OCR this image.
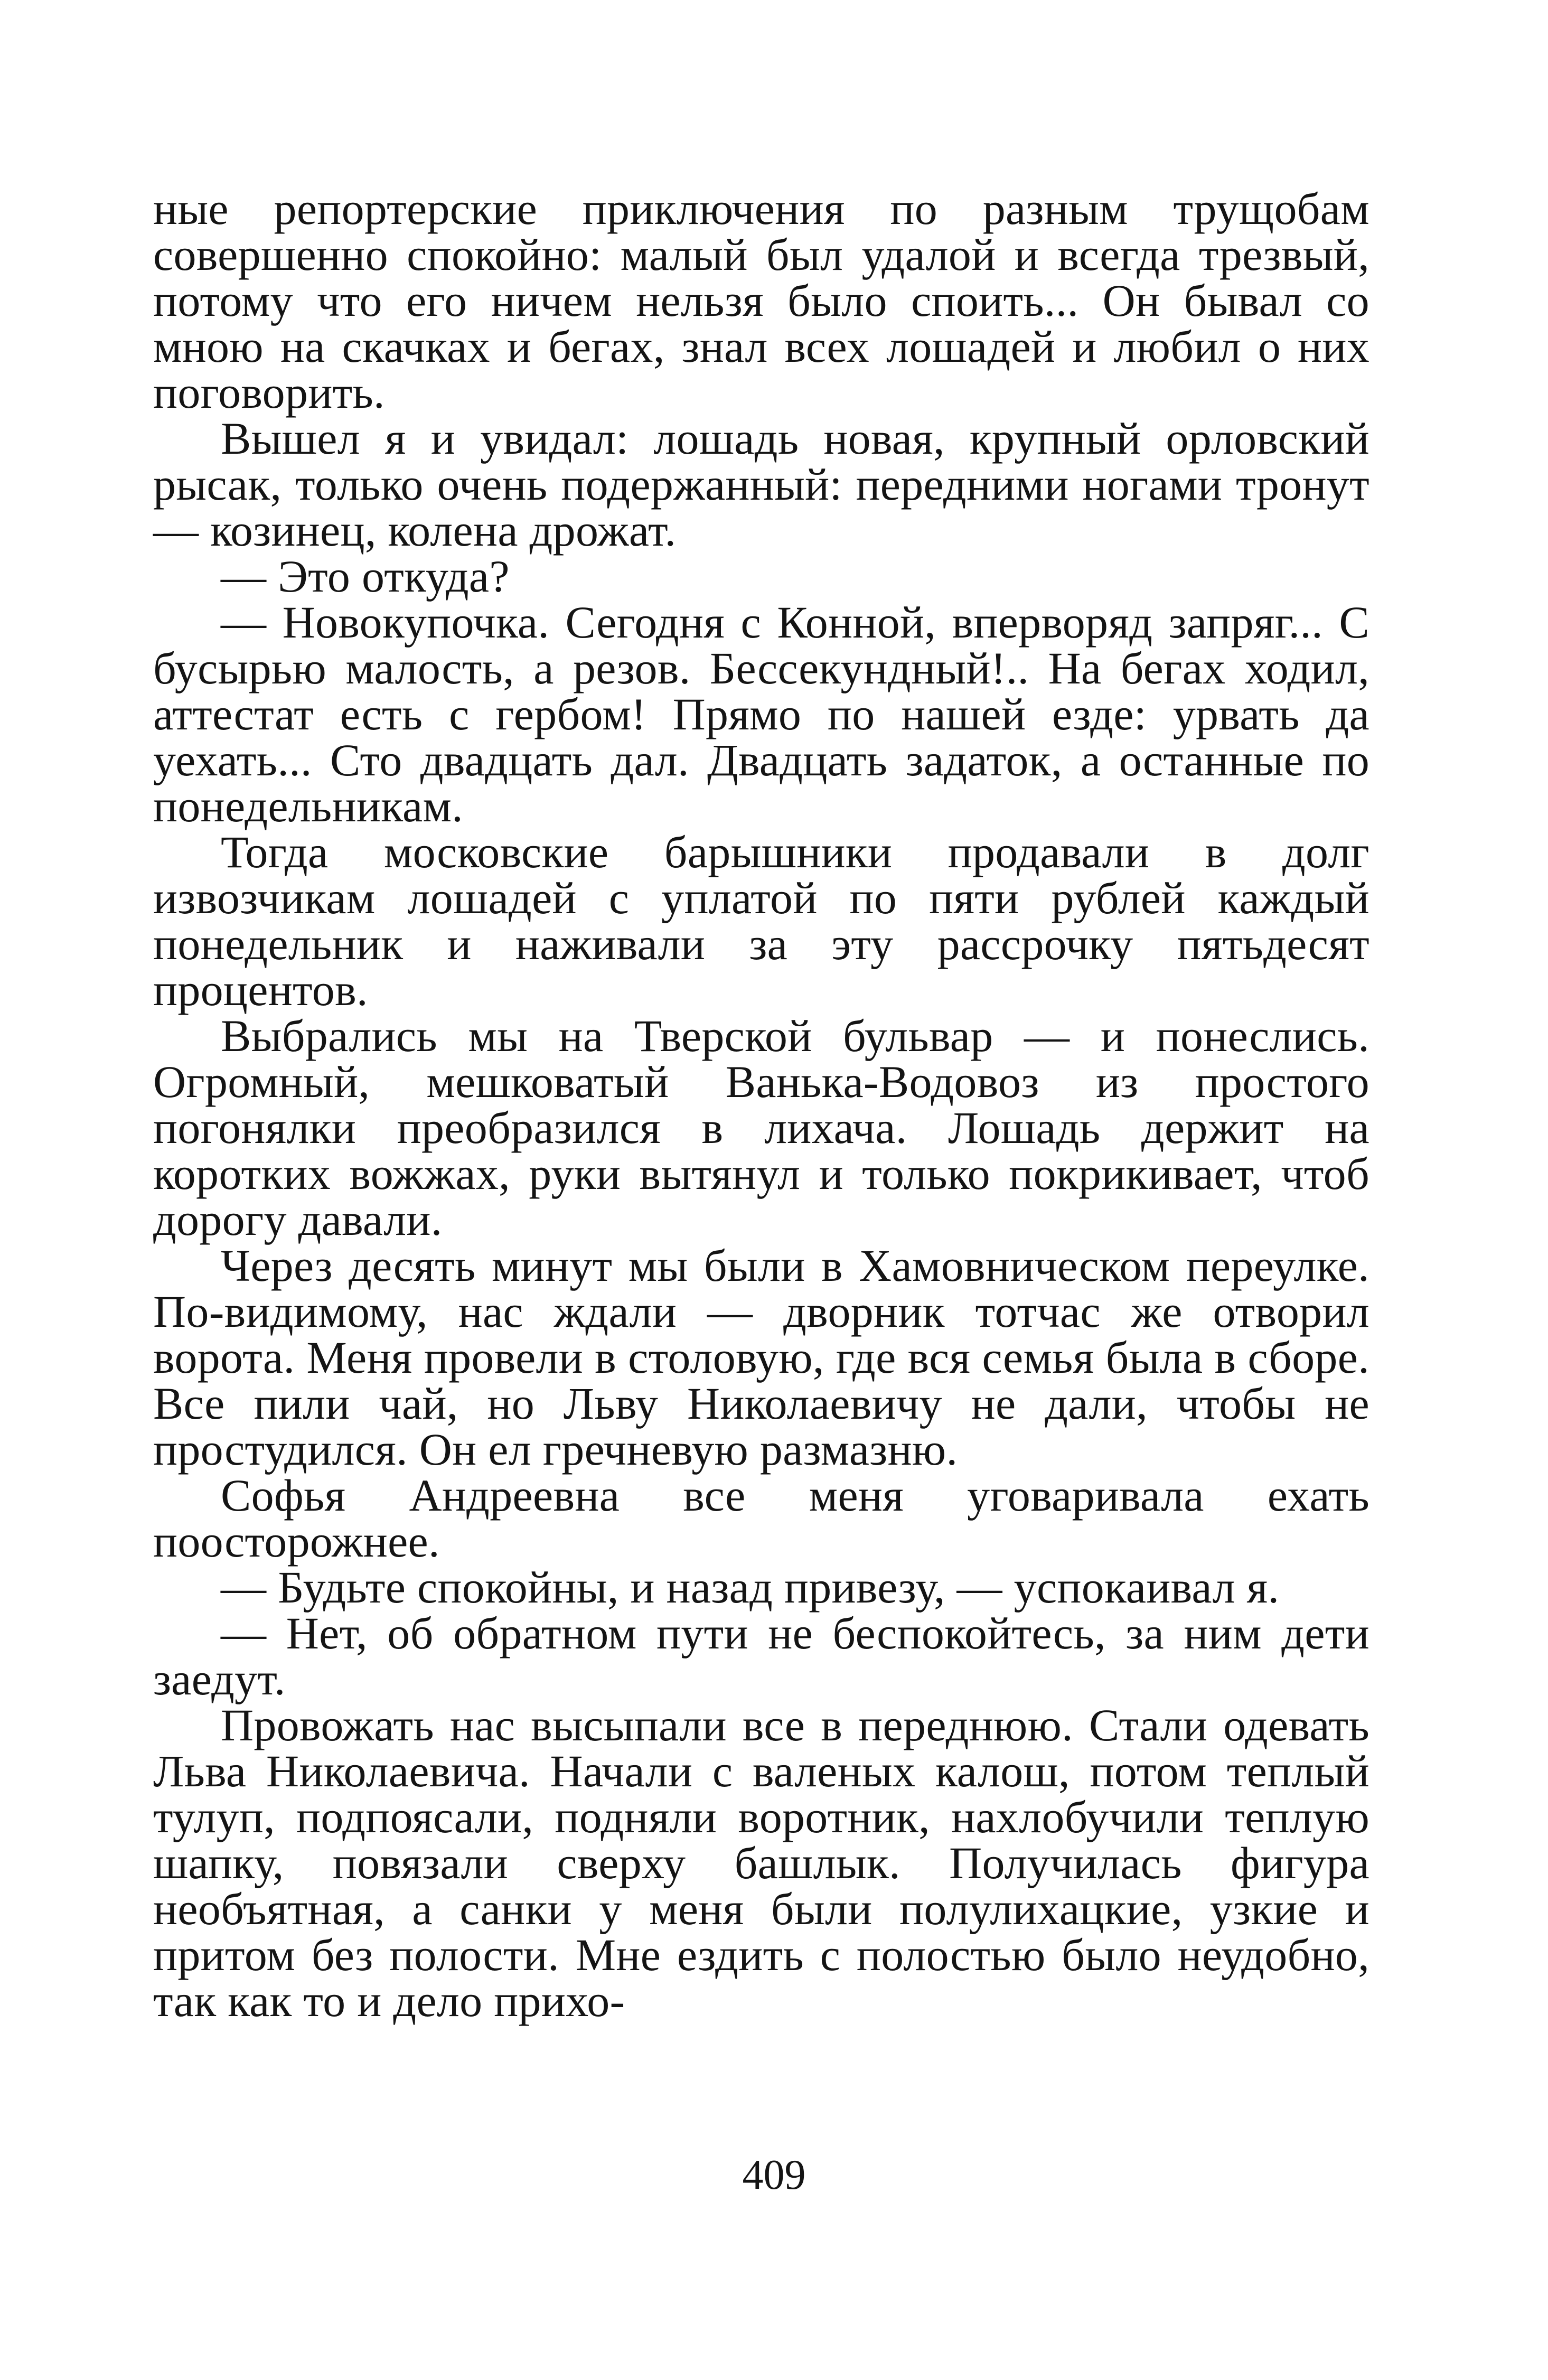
ные репортерские приключения по разным трущобам совершенно спокойно: малый был удалой и всегда трезвый, потому что его ничем нельзя было споить... Он бывал со мною на скачках и бегах, знал всех лошадей и любил о них поговорить.

Вышел я и увидал: лошадь новая, крупный орловский рысак, только очень подержанный: передними ногами тронут — козинец, колена дрожат.

— Это откуда?

— Новокупочка. Сегодня с Конной, впервоpяд запряг... С бусырью малость, а резов. Бессекундный!.. На бегах ходил, аттестат есть с гербом! Прямо по нашей езде: урвать да уехать... Сто двадцать дал. Двадцать задаток, а останные по понедельникам.

Тогда московские барышники продавали в долг извозчикам лошадей с уплатой по пяти рублей каждый понедельник и наживали за эту рассрочку пятьдесят процентов.

Выбрались мы на Тверской бульвар — и понеслись. Огромный, мешковатый Ванька-Водовоз из простого погонялки преобразился в лихача. Лошадь держит на коротких вожжах, руки вытянул и только покрикивает, чтоб дорогу давали.

Через десять минут мы были в Хамовническом переулке. По-видимому, нас ждали — дворник тотчас же отворил ворота. Меня провели в столовую, где вся семья была в сборе. Все пили чай, но Льву Николаевичу не дали, чтобы не простудился. Он ел гречневую размазню.

Софья Андреевна все меня уговаривала ехать поосторожнее.

— Будьте спокойны, и назад привезу, — успокаивал я.

— Нет, об обратном пути не беспокойтесь, за ним дети заедут.

Провожать нас высыпали все в переднюю. Стали одевать Льва Николаевича. Начали с валеных калош, потом теплый тулуп, подпоясали, подняли воротник, нахлобучили теплую шапку, повязали сверху башлык. Получилась фигура необъятная, а санки у меня были полулихацкие, узкие и притом без полости. Мне ездить с полостью было неудобно, так как то и дело прихо-

409
